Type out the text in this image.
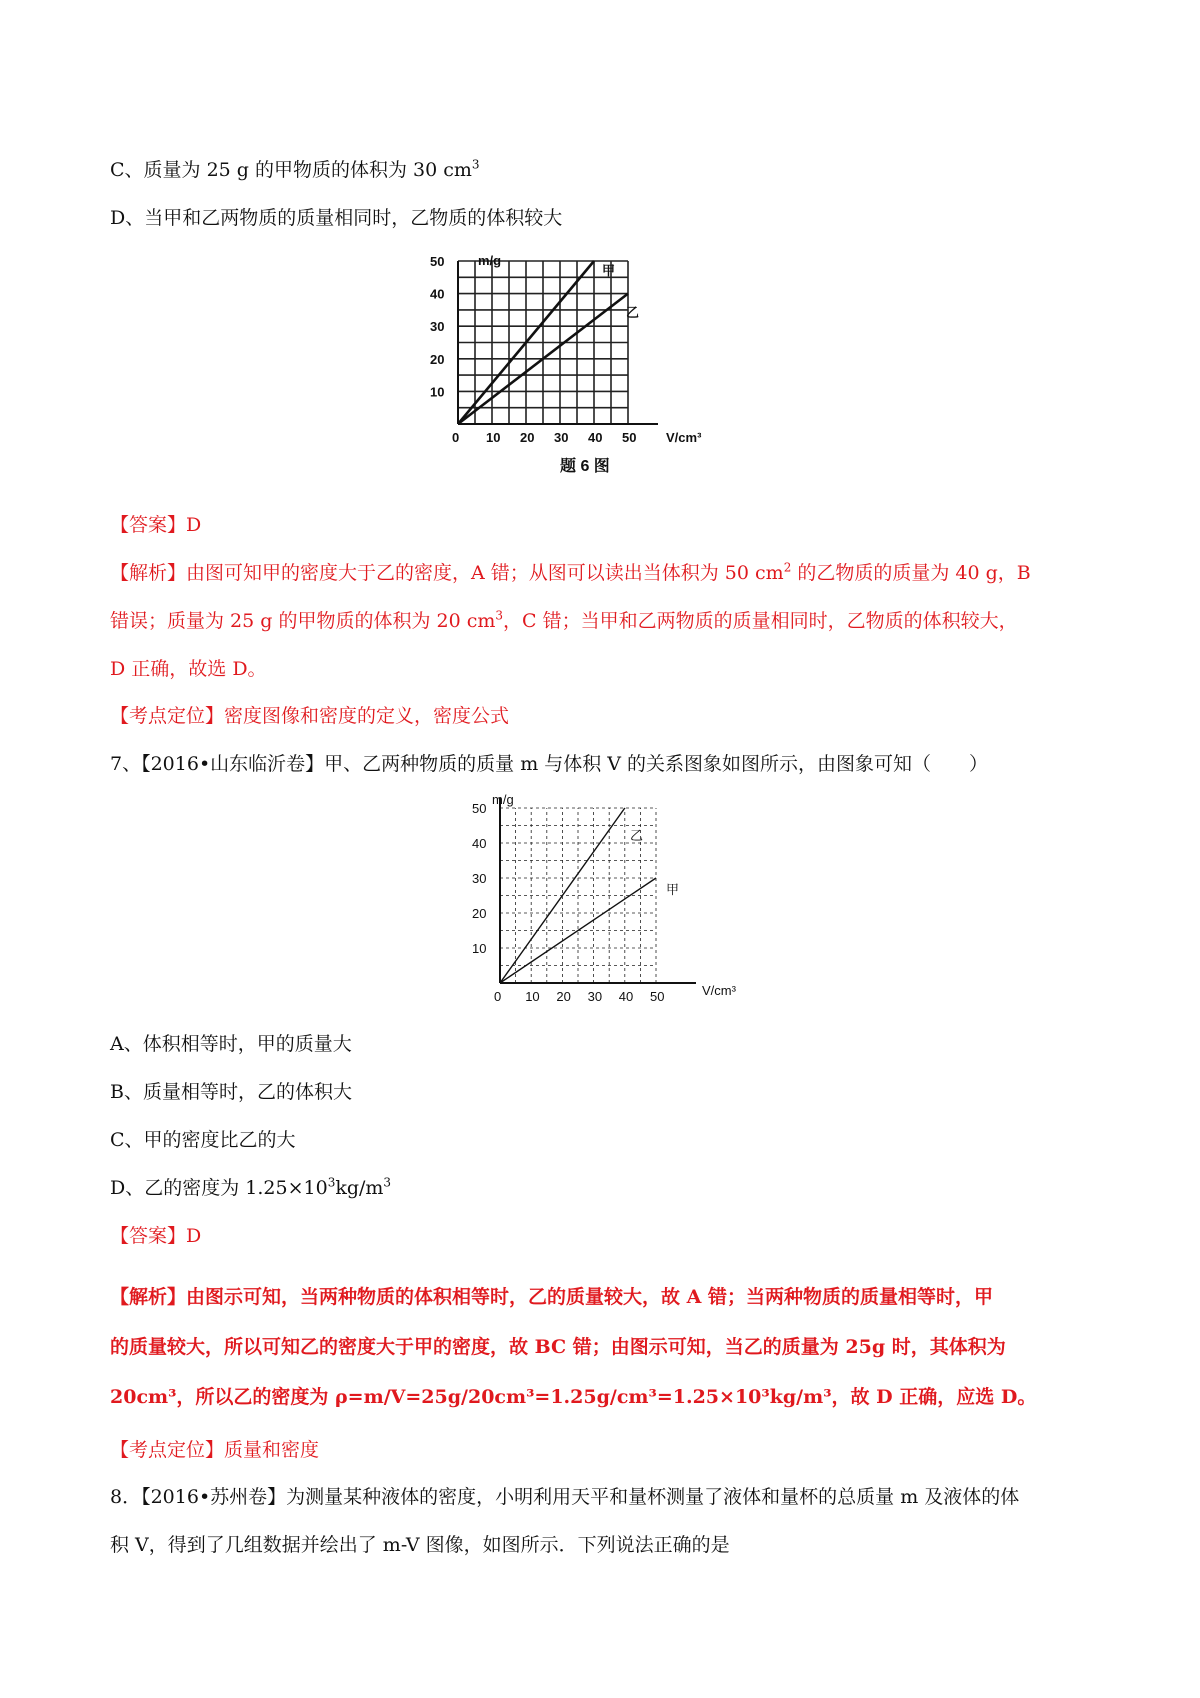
C、质量为 25 g 的甲物质的体积为 30 $cm^3$
D、当甲和乙两物质的质量相同时，乙物质的体积较大
0 10 20 30 40 50
10
20
30
40
50	m/g
V/cm³
甲
乙
题 6 图
【答案】D
【解析】由图可知甲的密度大于乙的密度，A 错；从图可以读出当体积为 50 $cm^2$ 的乙物质的质量为 40 g，B
错误；质量为 25 g 的甲物质的体积为 20 $cm^3$，C 错；当甲和乙两物质的质量相同时，乙物质的体积较大，
D 正确，故选 D。
【考点定位】密度图像和密度的定义，密度公式
7、【2016•山东临沂卷】甲、乙两种物质的质量 m 与体积 V 的关系图象如图所示，由图象可知（　　）
0 10 20 30 40 50
10
20
30
40
50
m/g
V/cm³
乙
甲
A、体积相等时，甲的质量大
B、质量相等时，乙的体积大
C、甲的密度比乙的大
D、乙的密度为 $1.25\times 10^3kg/m^3$
【答案】D
【解析】由图示可知，当两种物质的体积相等时，乙的质量较大，故 A 错；当两种物质的质量相等时，甲
的质量较大，所以可知乙的密度大于甲的密度，故 BC 错；由图示可知，当乙的质量为 25g 时，其体积为
20cm³，所以乙的密度为 ρ=m/V=25g/20cm³=1.25g/cm³=1.25×10³kg/m³，故 D 正确，应选 D。
【考点定位】质量和密度
8．【2016•苏州卷】为测量某种液体的密度，小明利用天平和量杯测量了液体和量杯的总质量 m 及液体的体
积 V，得到了几组数据并绘出了 m-V 图像，如图所示．下列说法正确的是
